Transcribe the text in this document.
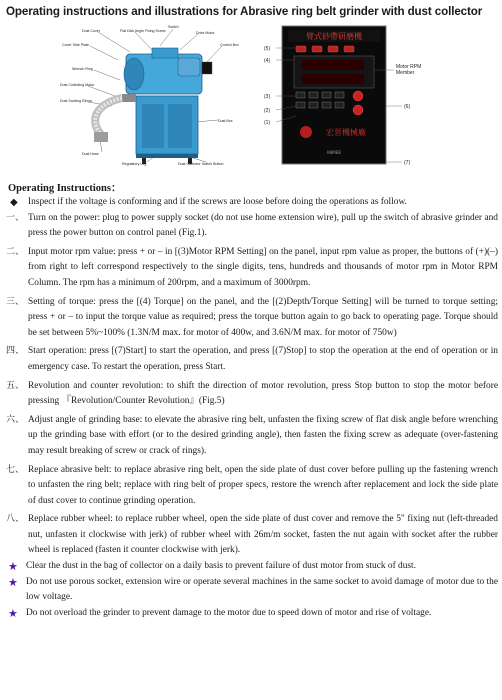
Operating instructions and illustrations for Abrasive ring belt grinder with dust collector
Dust Cover	Flat Disk Angle Fixing Screw
Switch
Drive Motor
Cover Side Plate	Control Box
Wrench Ring
Dust Collecting Motor
Dust Sucking Elbow
Dust Box
Dust Hose
Regulatory Leg	Dust Collector Switch Button
臂式砂帶研磨機
宏晉機械廠
K8ME8
(5)
(4)
(3)
(2)
(1)
(6)
(7)
Motor RPM
Member
Operating Instructions：
◆	Inspect if the voltage is conforming and if the screws are loose before doing the operations as follow.
一、 Turn on the power: plug to power supply socket (do not use home extension wire), pull up the switch of abrasive grinder and press the power button on control panel (Fig.1).
二、 Input motor rpm value: press + or – in [(3)Motor RPM Setting] on the panel, input rpm value as proper, the buttons of (+)(–) from right to left correspond respectively to the single digits, tens, hundreds and thousands of motor rpm in Motor RPM Column. The rpm has a minimum of 200rpm, and a maximum of 3000rpm.
三、 Setting of torque: press the [(4) Torque] on the panel, and the [(2)Depth/Torque Setting] will be turned to torque setting; press + or – to input the torque value as required; press the torque button again to go back to operating page. Torque should be set between 5%~100% (1.3N/M max. for motor of 400w, and 3.6N/M max. for motor of 750w)
四、 Start operation: press [(7)Start] to start the operation, and press [(7)Stop] to stop the operation at the end of operation or in emergency case. To restart the operation, press Start.
五、 Revolution and counter revolution: to shift the direction of motor revolution, press Stop button to stop the motor before pressing 『Revolution/Counter Revolution』(Fig.5)
六、 Adjust angle of grinding base: to elevate the abrasive ring belt, unfasten the fixing screw of flat disk angle before wrenching up the grinding base with effort (or to the desired grinding angle), then fasten the fixing screw as adequate (over-fastening may result breaking of screw or crack of rings).
七、 Replace abrasive belt: to replace abrasive ring belt, open the side plate of dust cover before pulling up the fastening wrench to unfasten the ring belt; replace with ring belt of proper specs, restore the wrench after replacement and lock the side plate of dust cover to continue grinding operation.
八、 Replace rubber wheel: to replace rubber wheel, open the side plate of dust cover and remove the 5" fixing nut (left-threaded nut, unfasten it clockwise with jerk) of rubber wheel with 26m/m socket, fasten the nut again with socket after the rubber wheel is replaced (fasten it counter clockwise with jerk).
★ Clear the dust in the bag of collector on a daily basis to prevent failure of dust motor from stuck of dust.
★ Do not use porous socket, extension wire or operate several machines in the same socket to avoid damage of motor due to the low voltage.
★ Do not overload the grinder to prevent damage to the motor due to speed down of motor and rise of voltage.
